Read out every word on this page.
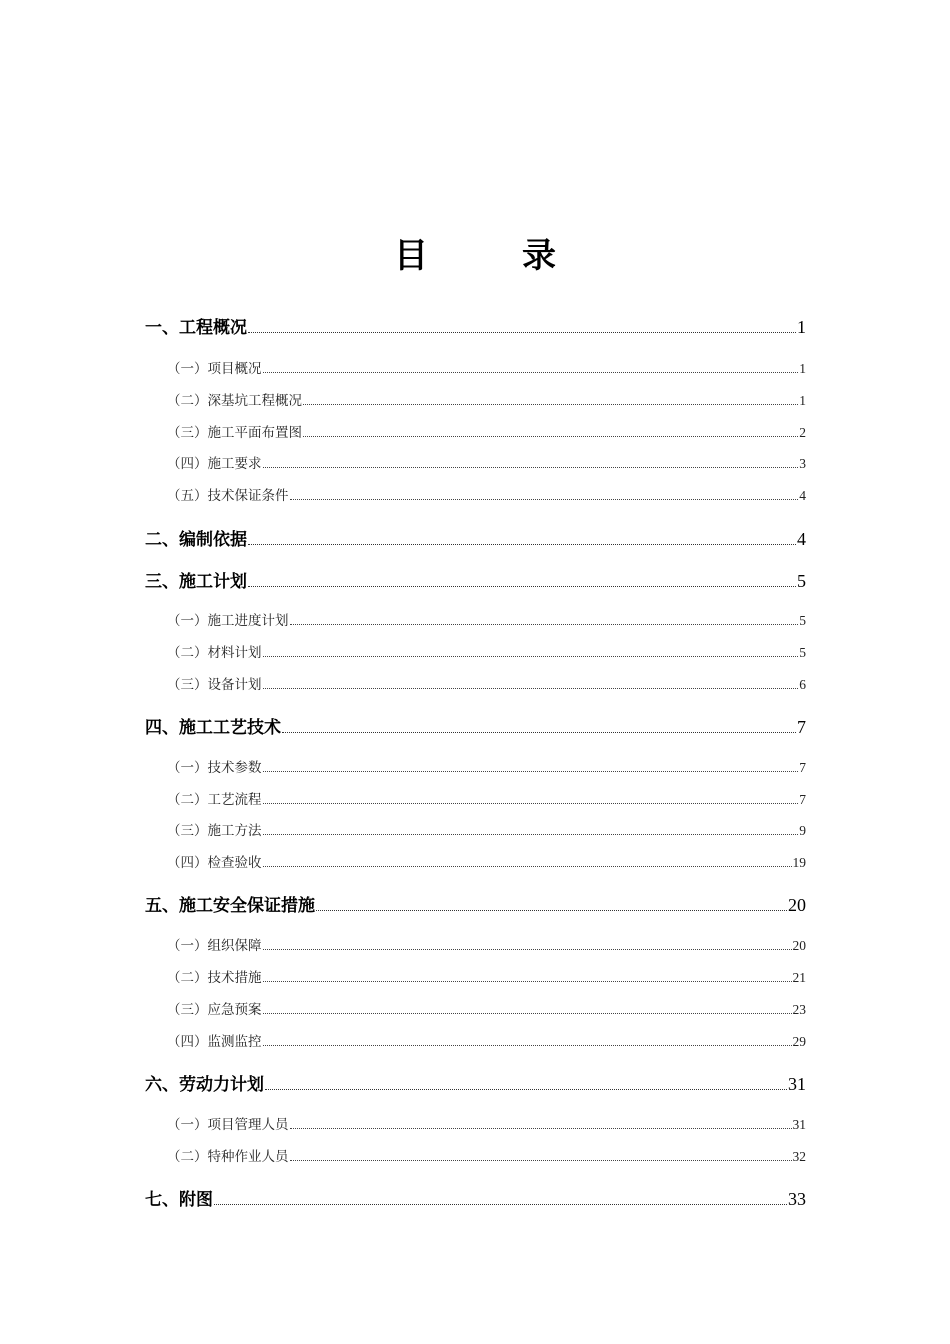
目　录
一、工程概况	1
（一）项目概况	1
（二）深基坑工程概况	1
（三）施工平面布置图	2
（四）施工要求	3
（五）技术保证条件	4
二、编制依据	4
三、施工计划	5
（一）施工进度计划	5
（二）材料计划	5
（三）设备计划	6
四、施工工艺技术	7
（一）技术参数	7
（二）工艺流程	7
（三）施工方法	9
（四）检查验收	19
五、施工安全保证措施	20
（一）组织保障	20
（二）技术措施	21
（三）应急预案	23
（四）监测监控	29
六、劳动力计划	31
（一）项目管理人员	31
（二）特种作业人员	32
七、附图	33
